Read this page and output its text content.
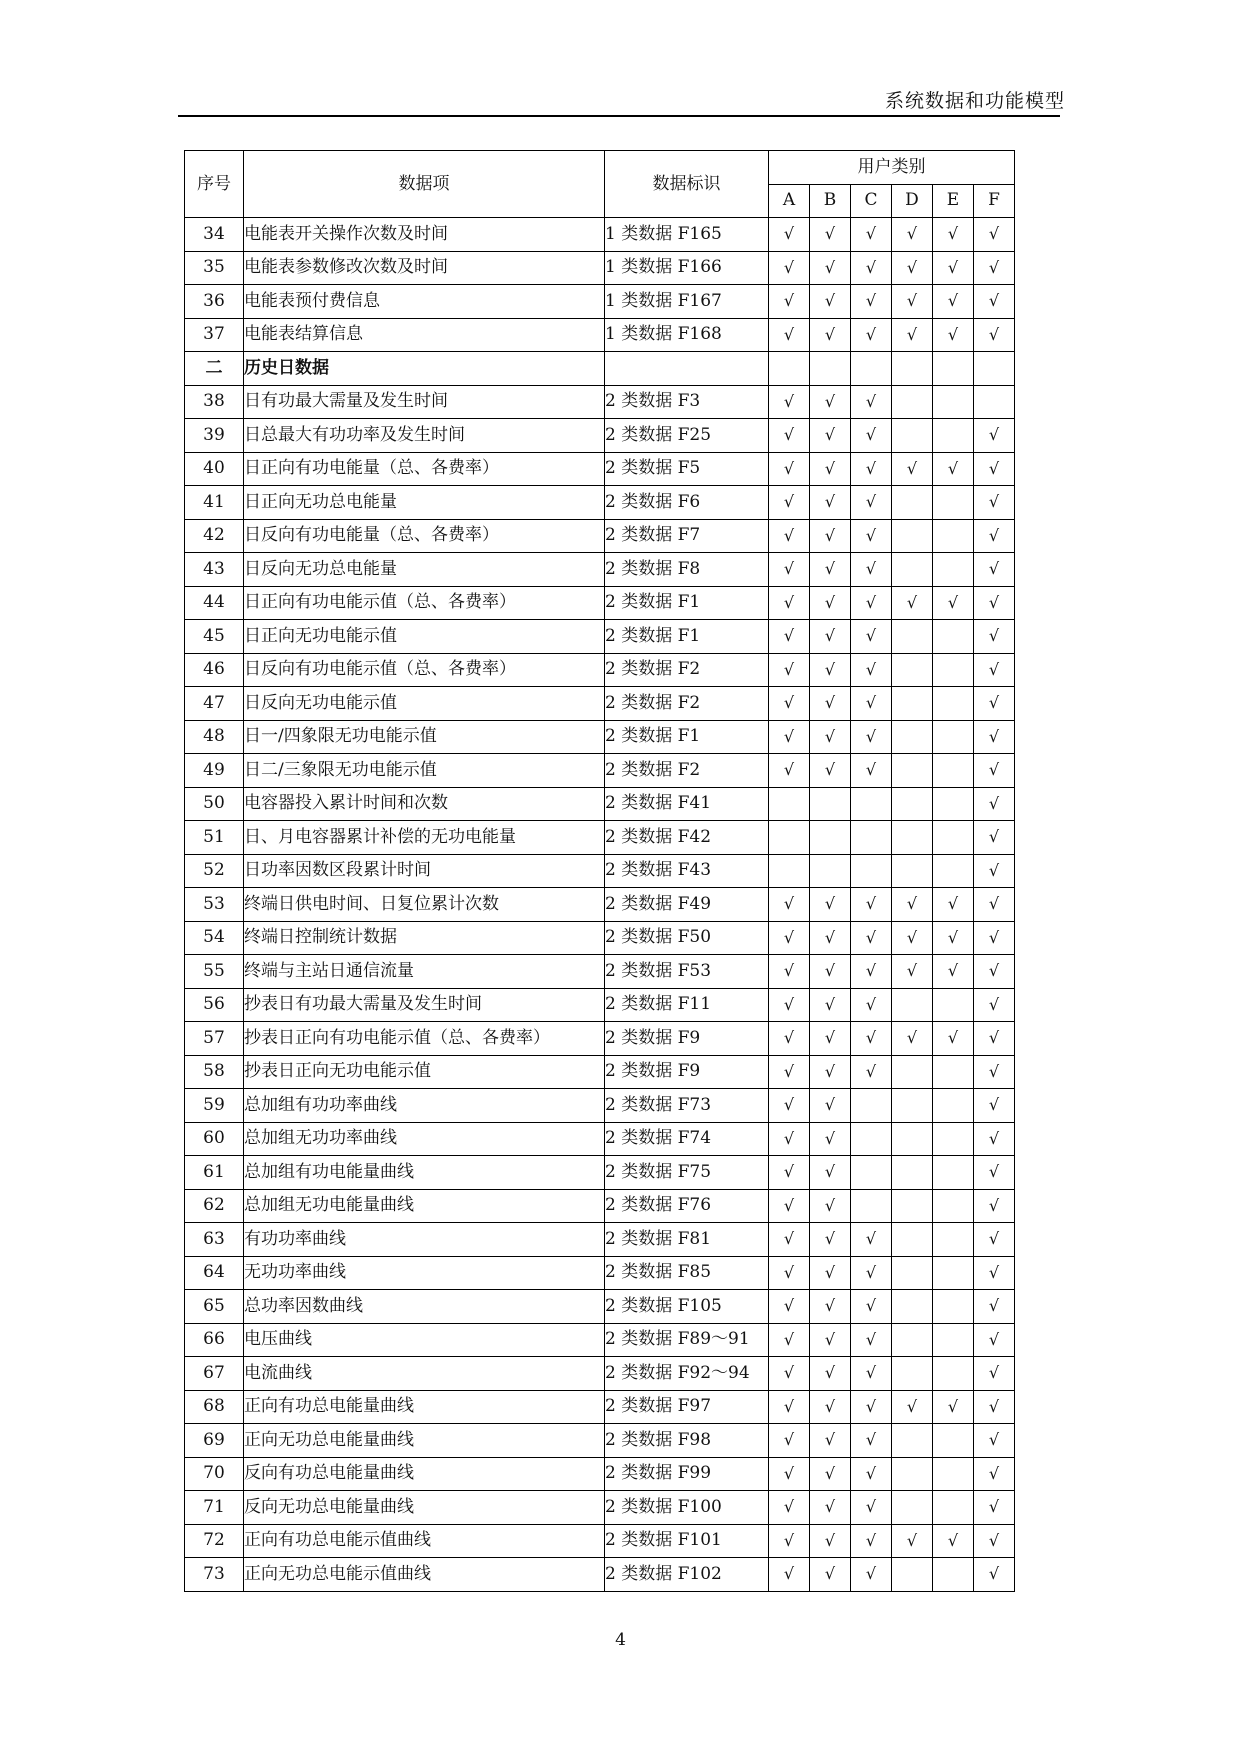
系统数据和功能模型
序号	数据项	数据标识	用户类别					
			A	B	C	D	E	F
34	电能表开关操作次数及时间	1 类数据 F165	√	√	√	√	√	√
35	电能表参数修改次数及时间	1 类数据 F166	√	√	√	√	√	√
36	电能表预付费信息	1 类数据 F167	√	√	√	√	√	√
37	电能表结算信息	1 类数据 F168	√	√	√	√	√	√
二	历史日数据							
38	日有功最大需量及发生时间	2 类数据 F3	√	√	√			
39	日总最大有功功率及发生时间	2 类数据 F25	√	√	√			√
40	日正向有功电能量（总、各费率）	2 类数据 F5	√	√	√	√	√	√
41	日正向无功总电能量	2 类数据 F6	√	√	√			√
42	日反向有功电能量（总、各费率）	2 类数据 F7	√	√	√			√
43	日反向无功总电能量	2 类数据 F8	√	√	√			√
44	日正向有功电能示值（总、各费率）	2 类数据 F1	√	√	√	√	√	√
45	日正向无功电能示值	2 类数据 F1	√	√	√			√
46	日反向有功电能示值（总、各费率）	2 类数据 F2	√	√	√			√
47	日反向无功电能示值	2 类数据 F2	√	√	√			√
48	日一/四象限无功电能示值	2 类数据 F1	√	√	√			√
49	日二/三象限无功电能示值	2 类数据 F2	√	√	√			√
50	电容器投入累计时间和次数	2 类数据 F41						√
51	日、月电容器累计补偿的无功电能量	2 类数据 F42						√
52	日功率因数区段累计时间	2 类数据 F43						√
53	终端日供电时间、日复位累计次数	2 类数据 F49	√	√	√	√	√	√
54	终端日控制统计数据	2 类数据 F50	√	√	√	√	√	√
55	终端与主站日通信流量	2 类数据 F53	√	√	√	√	√	√
56	抄表日有功最大需量及发生时间	2 类数据 F11	√	√	√			√
57	抄表日正向有功电能示值（总、各费率）	2 类数据 F9	√	√	√	√	√	√
58	抄表日正向无功电能示值	2 类数据 F9	√	√	√			√
59	总加组有功功率曲线	2 类数据 F73	√	√				√
60	总加组无功功率曲线	2 类数据 F74	√	√				√
61	总加组有功电能量曲线	2 类数据 F75	√	√				√
62	总加组无功电能量曲线	2 类数据 F76	√	√				√
63	有功功率曲线	2 类数据 F81	√	√	√			√
64	无功功率曲线	2 类数据 F85	√	√	√			√
65	总功率因数曲线	2 类数据 F105	√	√	√			√
66	电压曲线	2 类数据 F89～91	√	√	√			√
67	电流曲线	2 类数据 F92～94	√	√	√			√
68	正向有功总电能量曲线	2 类数据 F97	√	√	√	√	√	√
69	正向无功总电能量曲线	2 类数据 F98	√	√	√			√
70	反向有功总电能量曲线	2 类数据 F99	√	√	√			√
71	反向无功总电能量曲线	2 类数据 F100	√	√	√			√
72	正向有功总电能示值曲线	2 类数据 F101	√	√	√	√	√	√
73	正向无功总电能示值曲线	2 类数据 F102	√	√	√			√
4
